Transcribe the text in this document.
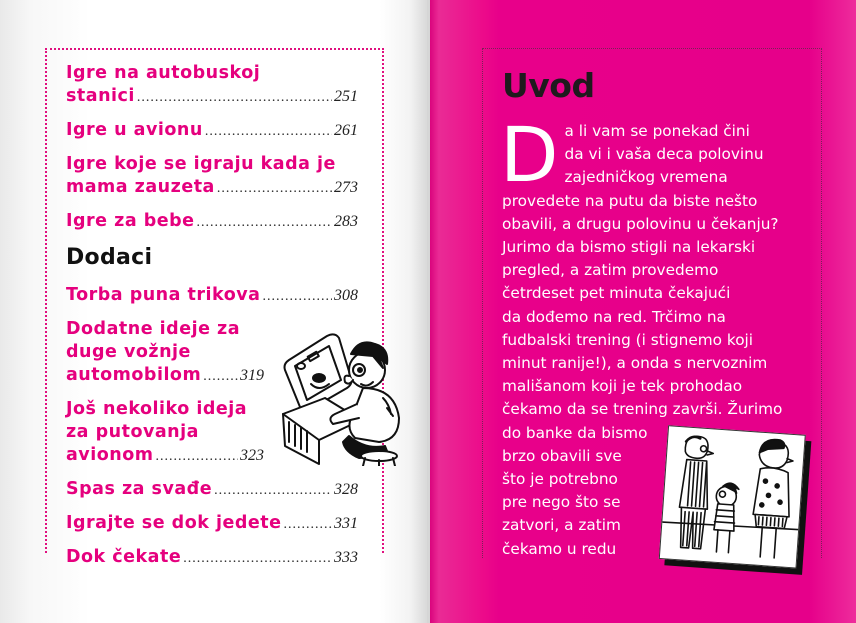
Igre na autobuskoj
stanici .....	251
Igre u avionu .....	261
Igre koje se igraju kada je
mama zauzeta .....	273
Igre za bebe .....	283
Dodaci
Torba puna trikova .....	308
Dodatne ideje za
duge vožnje
automobilom ..... 319
Još nekoliko ideja
za putovanja
avionom .....	323
Spas za svađe .....	328
Igrajte se dok jedete .....	331
Dok čekate .....	333
Uvod
D a li vam se ponekad čini
da vi i vaša deca polovinu
zajedničkog vremena
provedete na putu da biste nešto
obavili, a drugu polovinu u čekanju?
Jurimo da bismo stigli na lekarski
pregled, a zatim provedemo
četrdeset pet minuta čekajući
da dođemo na red. Trčimo na
fudbalski trening (i stignemo koji
minut ranije!), a onda s nervoznim
mališanom koji je tek prohodao
čekamo da se trening završi. Žurimo
do banke da bismo
brzo obavili sve
što je potrebno
pre nego što se
zatvori, a zatim
čekamo u redu
